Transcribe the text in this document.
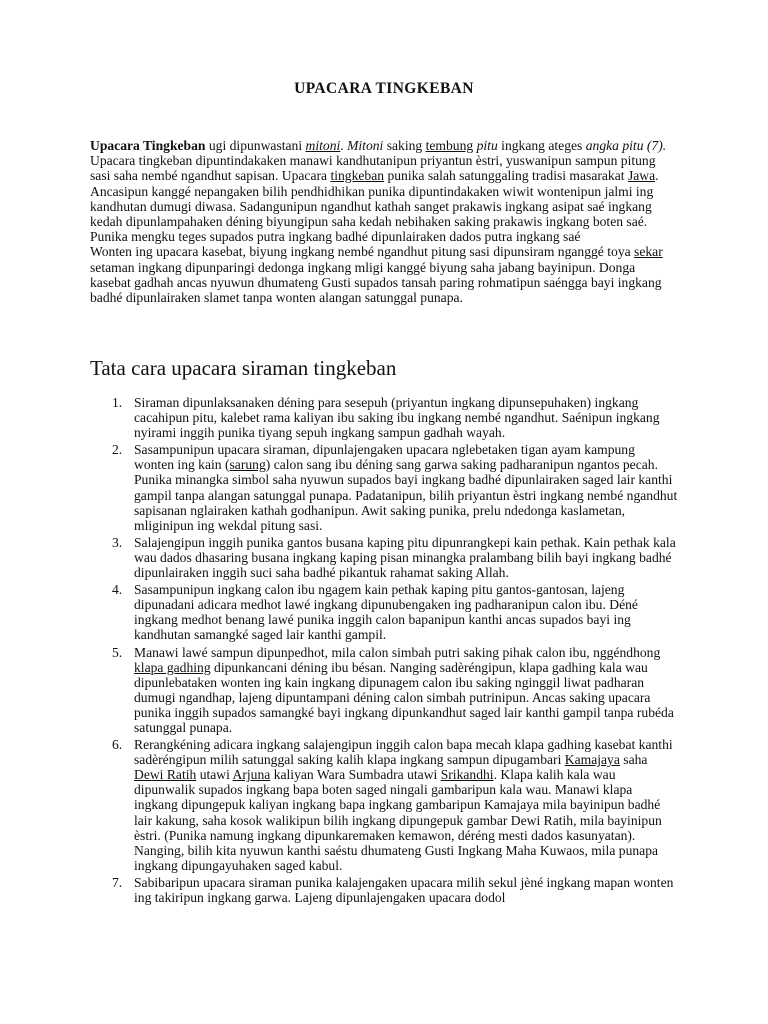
UPACARA TINGKEBAN

Upacara Tingkeban ugi dipunwastani mitoni. Mitoni saking tembung pitu ingkang ateges angka pitu (7). Upacara tingkeban dipuntindakaken manawi kandhutanipun priyantun èstri, yuswanipun sampun pitung sasi saha nembé ngandhut sapisan. Upacara tingkeban punika salah satunggaling tradisi masarakat Jawa. Ancasipun kanggé nepangaken bilih pendhidhikan punika dipuntindakaken wiwit wontenipun jalmi ing kandhutan dumugi diwasa. Sadangunipun ngandhut kathah sanget prakawis ingkang asipat saé ingkang kedah dipunlampahaken déning biyungipun saha kedah nebihaken saking prakawis ingkang boten saé. Punika mengku teges supados putra ingkang badhé dipunlairaken dados putra ingkang saé

Wonten ing upacara kasebat, biyung ingkang nembé ngandhut pitung sasi dipunsiram nganggé toya sekar setaman ingkang dipunparingi dedonga ingkang mligi kanggé biyung saha jabang bayinipun. Donga kasebat gadhah ancas nyuwun dhumateng Gusti supados tansah paring rohmatipun saéngga bayi ingkang badhé dipunlairaken slamet tanpa wonten alangan satunggal punapa.

Tata cara upacara siraman tingkeban
1. Siraman dipunlaksanaken déning para sesepuh (priyantun ingkang dipunsepuhaken) ingkang cacahipun pitu, kalebet rama kaliyan ibu saking ibu ingkang nembé ngandhut. Saénipun ingkang nyirami inggih punika tiyang sepuh ingkang sampun gadhah wayah.
2. Sasampunipun upacara siraman, dipunlajengaken upacara nglebetaken tigan ayam kampung wonten ing kain (sarung) calon sang ibu déning sang garwa saking padharanipun ngantos pecah. Punika minangka simbol saha nyuwun supados bayi ingkang badhé dipunlairaken saged lair kanthi gampil tanpa alangan satunggal punapa. Padatanipun, bilih priyantun èstri ingkang nembé ngandhut sapisanan nglairaken kathah godhanipun. Awit saking punika, prelu ndedonga kaslametan, mliginipun ing wekdal pitung sasi.
3. Salajengipun inggih punika gantos busana kaping pitu dipunrangkepi kain pethak. Kain pethak kala wau dados dhasaring busana ingkang kaping pisan minangka pralambang bilih bayi ingkang badhé dipunlairaken inggih suci saha badhé pikantuk rahamat saking Allah.
4. Sasampunipun ingkang calon ibu ngagem kain pethak kaping pitu gantos-gantosan, lajeng dipunadani adicara medhot lawé ingkang dipunubengaken ing padharanipun calon ibu. Déné ingkang medhot benang lawé punika inggih calon bapanipun kanthi ancas supados bayi ing kandhutan samangké saged lair kanthi gampil.
5. Manawi lawé sampun dipunpedhot, mila calon simbah putri saking pihak calon ibu, nggéndhong klapa gadhing dipunkancani déning ibu bésan. Nanging sadèréngipun, klapa gadhing kala wau dipunlebataken wonten ing kain ingkang dipunagem calon ibu saking nginggil liwat padharan dumugi ngandhap, lajeng dipuntampani déning calon simbah putrinipun. Ancas saking upacara punika inggih supados samangké bayi ingkang dipunkandhut saged lair kanthi gampil tanpa rubéda satunggal punapa.
6. Rerangkéning adicara ingkang salajengipun inggih calon bapa mecah klapa gadhing kasebat kanthi sadèréngipun milih satunggal saking kalih klapa ingkang sampun dipugambari Kamajaya saha Dewi Ratih utawi Arjuna kaliyan Wara Sumbadra utawi Srikandhi. Klapa kalih kala wau dipunwalik supados ingkang bapa boten saged ningali gambaripun kala wau. Manawi klapa ingkang dipungepuk kaliyan ingkang bapa ingkang gambaripun Kamajaya mila bayinipun badhé lair kakung, saha kosok walikipun bilih ingkang dipungepuk gambar Dewi Ratih, mila bayinipun èstri. (Punika namung ingkang dipunkaremaken kemawon, déréng mesti dados kasunyatan). Nanging, bilih kita nyuwun kanthi saéstu dhumateng Gusti Ingkang Maha Kuwaos, mila punapa ingkang dipungayuhaken saged kabul.
7. Sabibaripun upacara siraman punika kalajengaken upacara milih sekul jèné ingkang mapan wonten ing takiripun ingkang garwa. Lajeng dipunlajengaken upacara dodol
